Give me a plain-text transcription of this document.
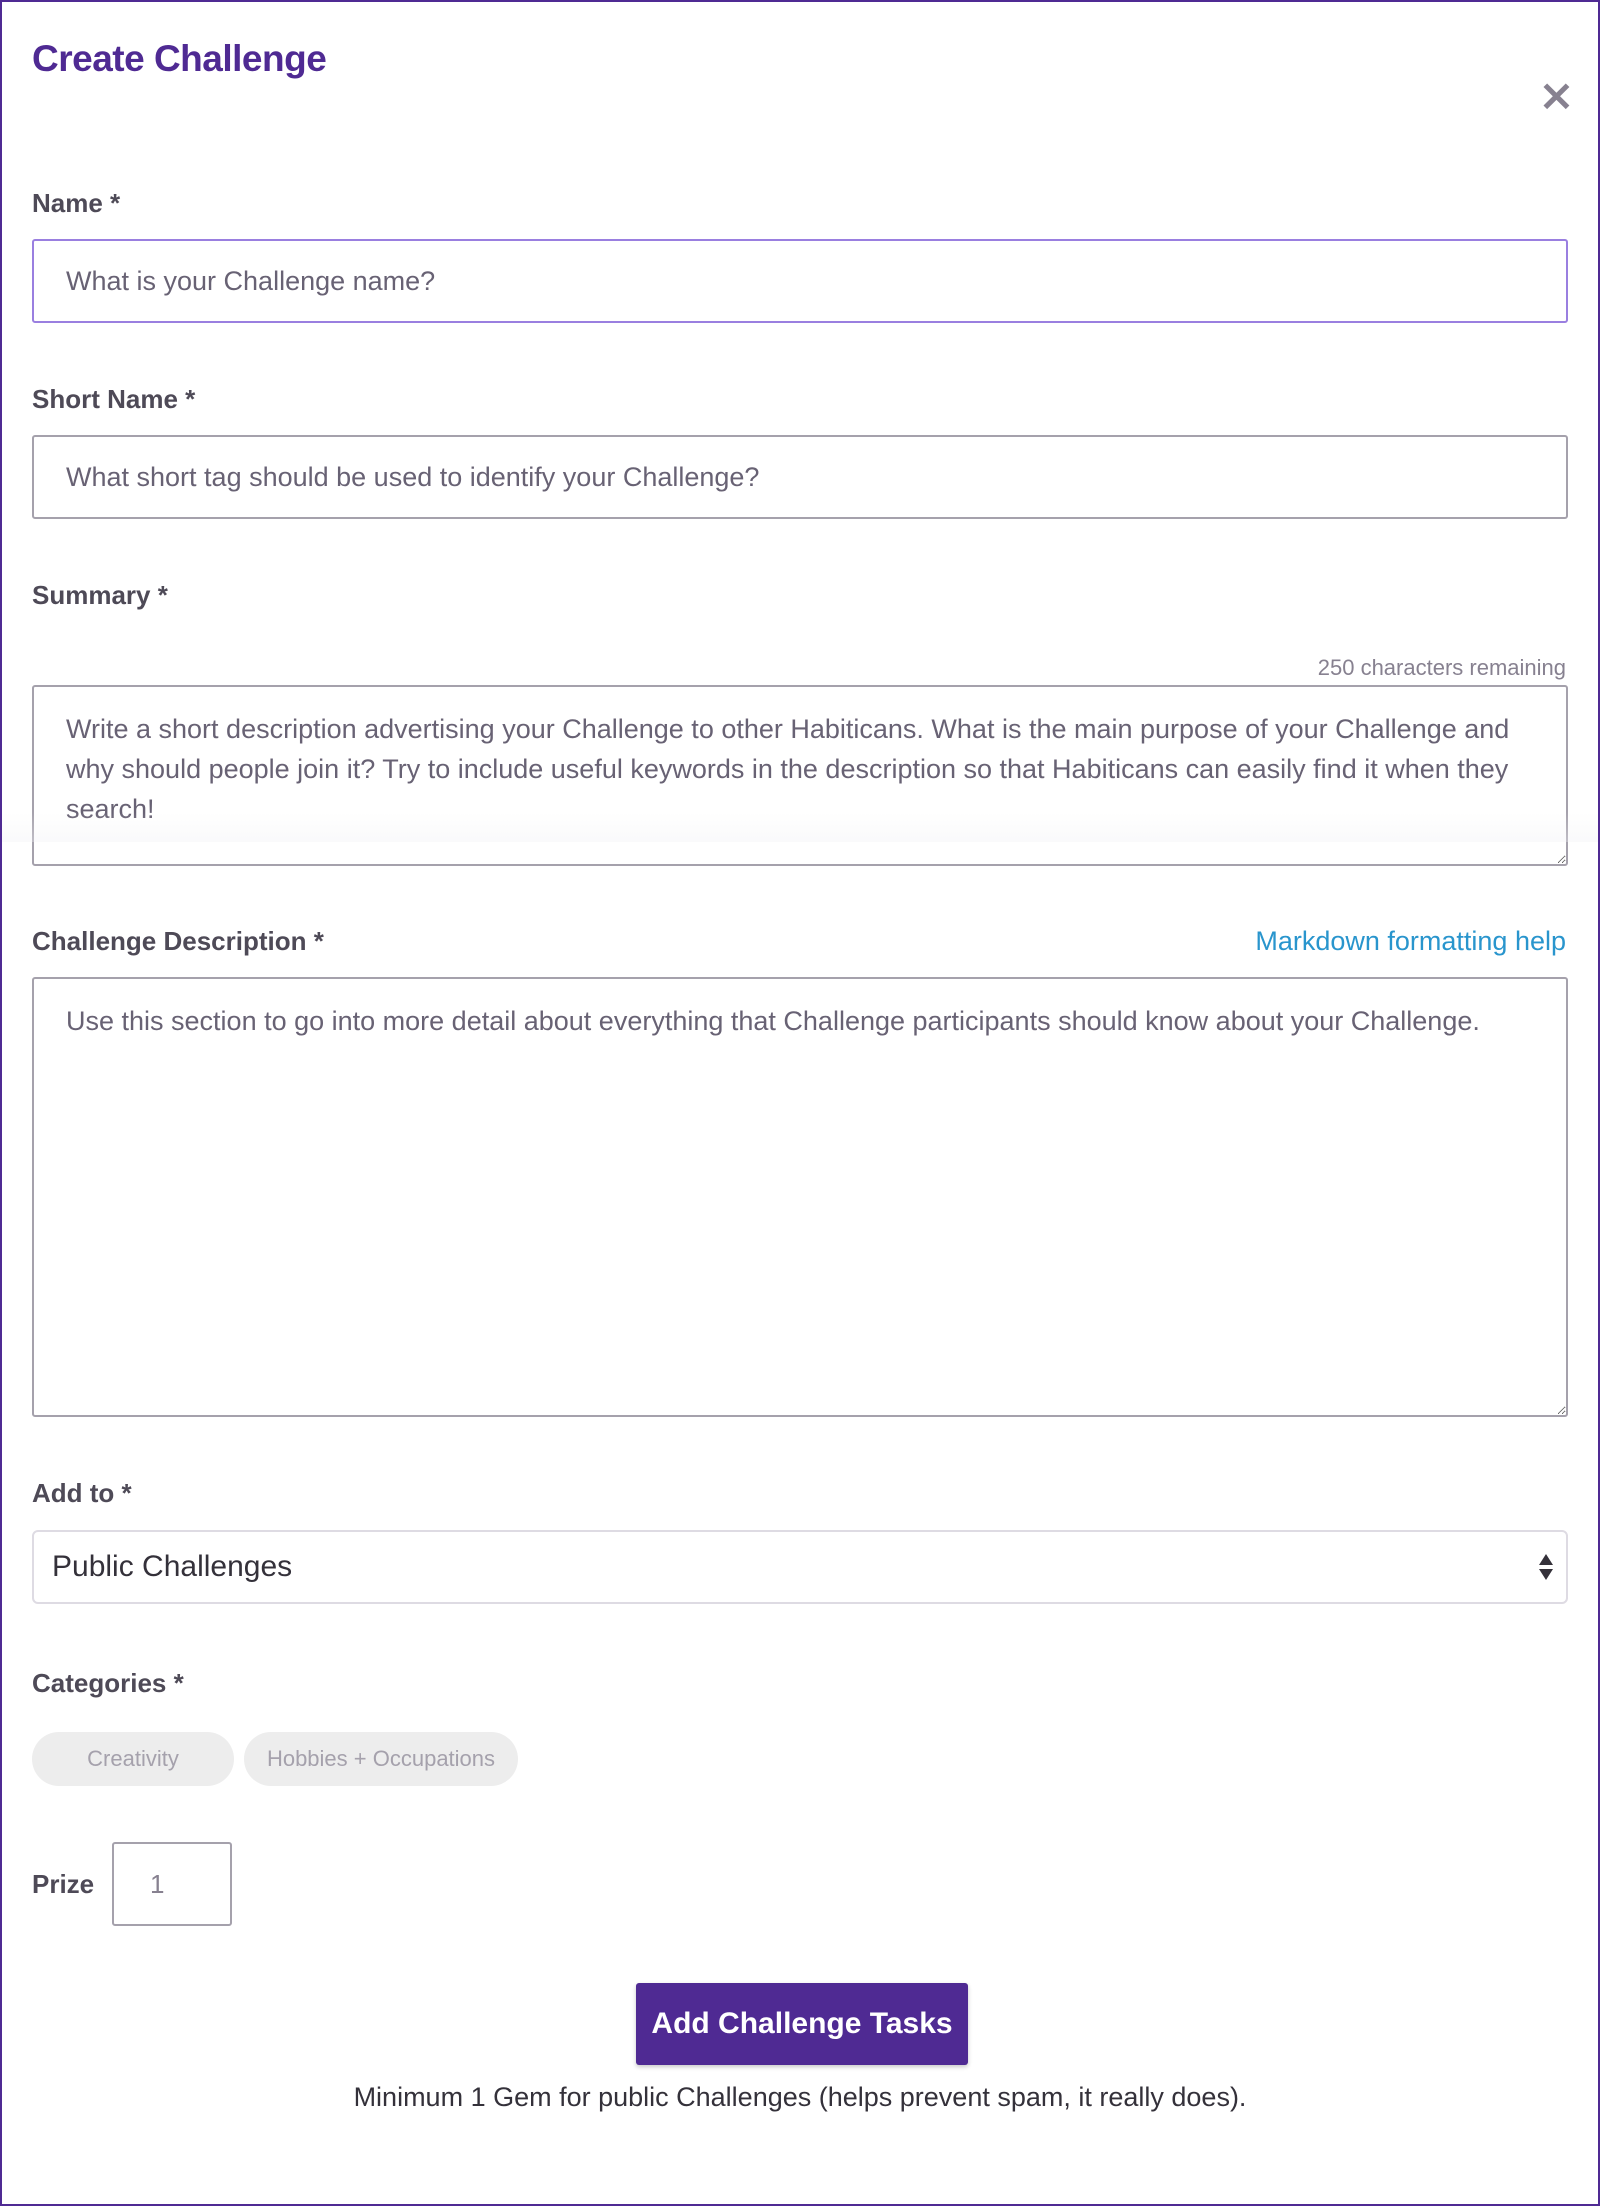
Create Challenge
×
Name *
What is your Challenge name?
Short Name *
What short tag should be used to identify your Challenge?
Summary *
250 characters remaining
Write a short description advertising your Challenge to other Habiticans. What is the main purpose of your Challenge and why should people join it? Try to include useful keywords in the description so that Habiticans can easily find it when they search!
Challenge Description *	Markdown formatting help
Use this section to go into more detail about everything that Challenge participants should know about your Challenge.
Add to *
Public Challenges
Categories *
Creativity	Hobbies + Occupations
Prize
1
Add Challenge Tasks
Minimum 1 Gem for public Challenges (helps prevent spam, it really does).
